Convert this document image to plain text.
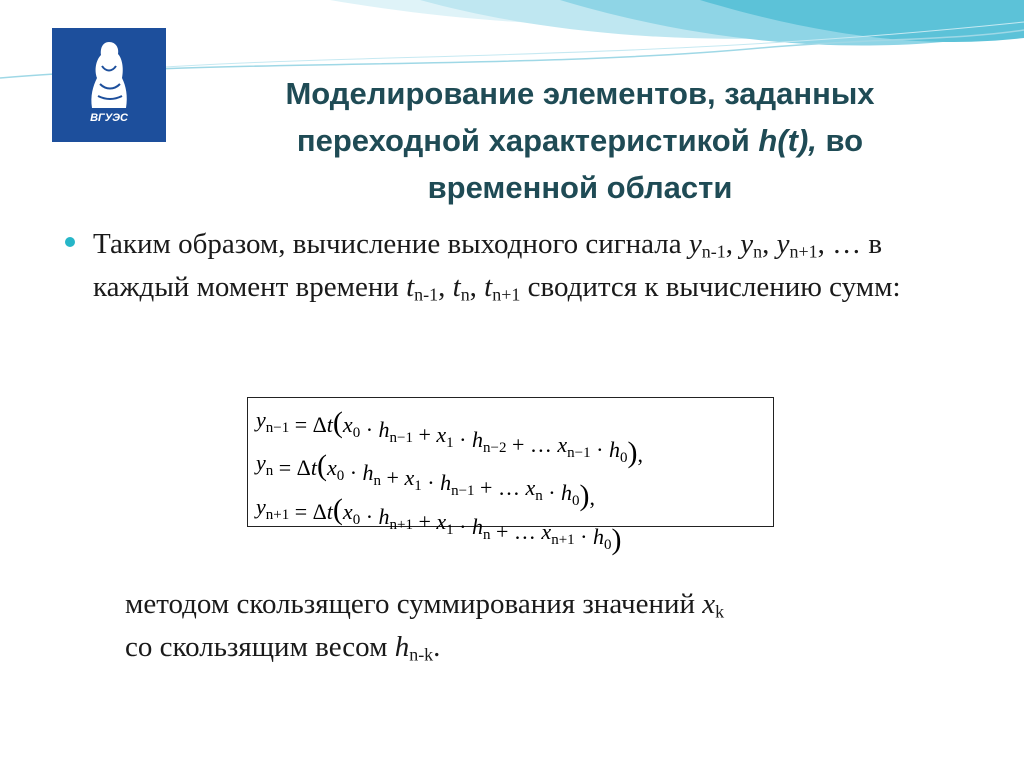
ВГУЭС
Моделирование элементов, заданных
переходной характеристикой h(t), во
временной области

Таким образом, вычисление выходного сигнала $y_{n-1}$, $y_n$, $y_{n+1}$, … в каждый момент времени $t_{n-1}$, $t_n$, $t_{n+1}$ сводится к вычислению сумм:

$y_{n-1} = \Delta t(x_0 \cdot h_{n-1} + x_1 \cdot h_{n-2}$ + … $x_{n-1} \cdot h_0$),
$y_n = \Delta t(x_0 \cdot h_n + x_1 \cdot h_{n-1}$ + … $x_n \cdot h_0$),
$y_{n+1} = \Delta t(x_0 \cdot h_{n+1} + x_1 \cdot h_n$ + … $x_{n+1} \cdot h_0$)

методом скользящего суммирования значений $x_k$
со скользящим весом $h_{n-k}$.
